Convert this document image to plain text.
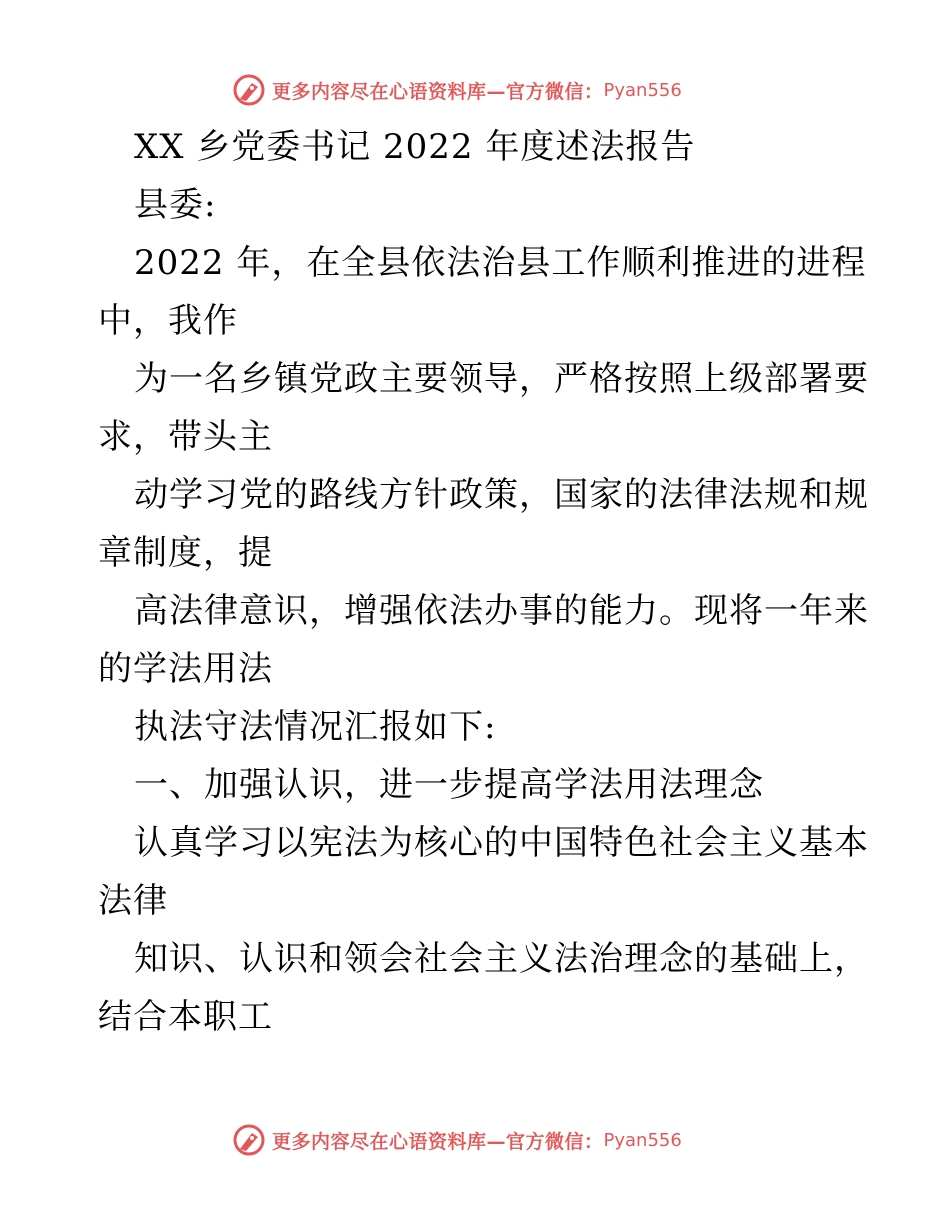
更多内容尽在心语资料库—官方微信： Pyan556
XX 乡党委书记 2022 年度述法报告
县委:
2022 年，在全县依法治县工作顺利推进的进程
中，我作
为一名乡镇党政主要领导，严格按照上级部署要
求，带头主
动学习党的路线方针政策，国家的法律法规和规
章制度，提
高法律意识，增强依法办事的能力。现将一年来
的学法用法
执法守法情况汇报如下:
一、加强认识，进一步提高学法用法理念
认真学习以宪法为核心的中国特色社会主义基本
法律
知识、认识和领会社会主义法治理念的基础上，
结合本职工
更多内容尽在心语资料库—官方微信： Pyan556
